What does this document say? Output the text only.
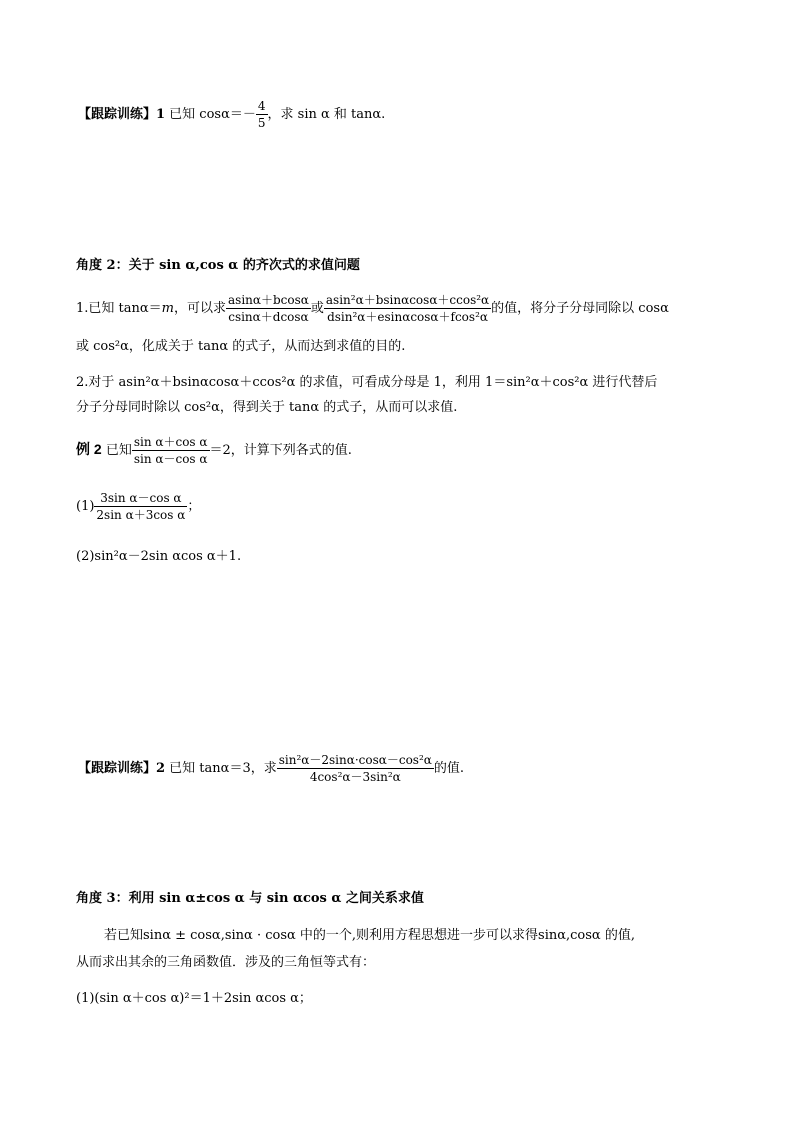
【跟踪训练】1 已知 $\cos\alpha=- \frac{4}{5}$ ，求 sin α 和 tanα.
角度 2：关于 sin α,cos α 的齐次式的求值问题
1.已知 tanα＝m，可以求 $\frac{asin\alpha+bcos\alpha}{csin\alpha+dcos\alpha}$ 或 $\frac{\text{asin²α＋bsinαcosα＋ccos²α}}{\text{dsin²α＋esinαcosα＋fcos²α}}$ 的值，将分子分母同除以 cosα
或 cos²α，化成关于 tanα 的式子，从而达到求值的目的.
2.对于 asin²α＋bsinαcosα＋ccos²α 的求值，可看成分母是 1，利用 1＝sin²α＋cos²α 进行代替后
分子分母同时除以 cos²α，得到关于 tanα 的式子，从而可以求值.
例 2 已知 $\frac{\text{sin α＋cos α}}{\text{sin α－cos α}} =2$，计算下列各式的值.
$(1) \frac{\text{3sin α－cos α}}{\text{2sin α＋3cos α}}$ ；
(2)sin²α－2sin αcos α＋1.
【跟踪训练】2 已知 tanα＝3，求 $\frac{\text{sin²α－2sinα·cosα－cos²α}}{\text{4cos²α－3sin²α}}$ 的值.
角度 3：利用 sin α±cos α 与 sin αcos α 之间关系求值
若已知sinα ± cosα,sinα · cosα 中的一个,则利用方程思想进一步可以求得sinα,cosα 的值,
从而求出其余的三角函数值．涉及的三角恒等式有：
(1)(sin α＋cos α)²＝1＋2sin αcos α；
